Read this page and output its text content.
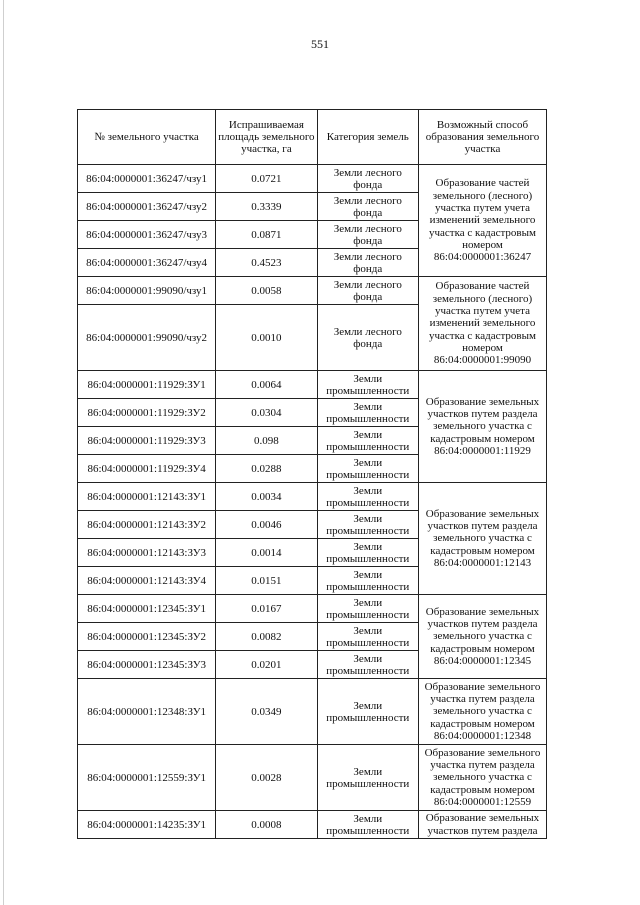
551
№ земельного участка	Испрашиваемая площадь земельного участка, га	Категория земель	Возможный способ образования земельного участка
86:04:0000001:36247/чзу1	0.0721	Земли лесного фонда	Образование частей земельного (лесного) участка путем учета изменений земельного участка с кадастровым номером 86:04:0000001:36247
86:04:0000001:36247/чзу2	0.3339	Земли лесного фонда	
86:04:0000001:36247/чзу3	0.0871	Земли лесного фонда	
86:04:0000001:36247/чзу4	0.4523	Земли лесного фонда	
86:04:0000001:99090/чзу1	0.0058	Земли лесного фонда	Образование частей земельного (лесного) участка путем учета изменений земельного участка с кадастровым номером 86:04:0000001:99090
86:04:0000001:99090/чзу2	0.0010	Земли лесного фонда	
86:04:0000001:11929:ЗУ1	0.0064	Земли промышленности	Образование земельных участков путем раздела земельного участка с кадастровым номером 86:04:0000001:11929
86:04:0000001:11929:ЗУ2	0.0304	Земли промышленности	
86:04:0000001:11929:ЗУ3	0.098	Земли промышленности	
86:04:0000001:11929:ЗУ4	0.0288	Земли промышленности	
86:04:0000001:12143:ЗУ1	0.0034	Земли промышленности	Образование земельных участков путем раздела земельного участка с кадастровым номером 86:04:0000001:12143
86:04:0000001:12143:ЗУ2	0.0046	Земли промышленности	
86:04:0000001:12143:ЗУ3	0.0014	Земли промышленности	
86:04:0000001:12143:ЗУ4	0.0151	Земли промышленности	
86:04:0000001:12345:ЗУ1	0.0167	Земли промышленности	Образование земельных участков путем раздела земельного участка с кадастровым номером 86:04:0000001:12345
86:04:0000001:12345:ЗУ2	0.0082	Земли промышленности	
86:04:0000001:12345:ЗУ3	0.0201	Земли промышленности	
86:04:0000001:12348:ЗУ1	0.0349	Земли промышленности	Образование земельного участка путем раздела земельного участка с кадастровым номером 86:04:0000001:12348
86:04:0000001:12559:ЗУ1	0.0028	Земли промышленности	Образование земельного участка путем раздела земельного участка с кадастровым номером 86:04:0000001:12559
86:04:0000001:14235:ЗУ1	0.0008	Земли промышленности	Образование земельных участков путем раздела
